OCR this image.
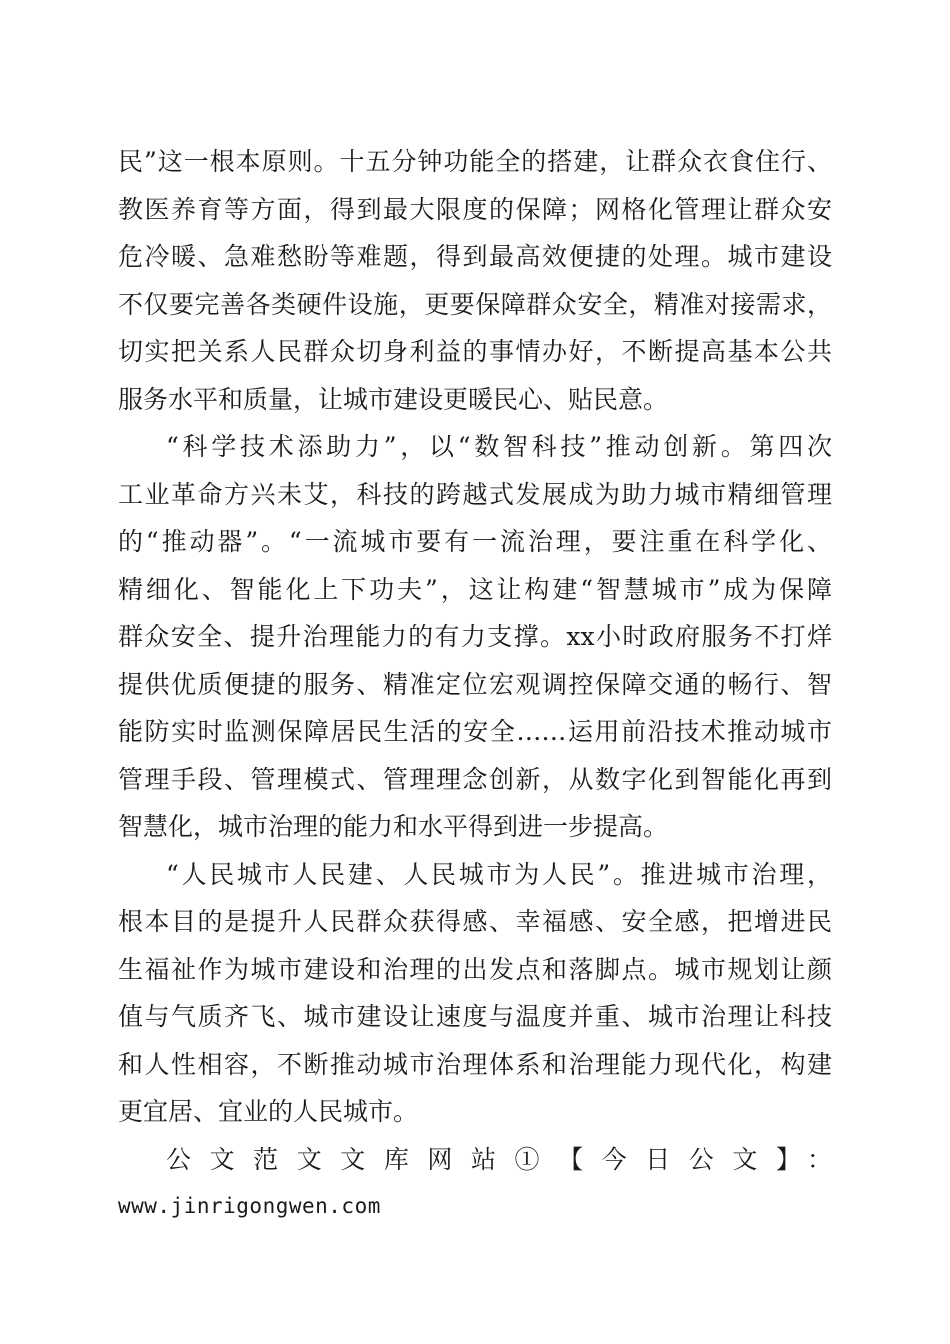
民”这一根本原则。十五分钟功能全的搭建，让群众衣食住行、
教医养育等方面，得到最大限度的保障；网格化管理让群众安
危冷暖、急难愁盼等难题，得到最高效便捷的处理。城市建设
不仅要完善各类硬件设施，更要保障群众安全，精准对接需求，
切实把关系人民群众切身利益的事情办好，不断提高基本公共
服务水平和质量，让城市建设更暖民心、贴民意。
“科学技术添助力”，以“数智科技”推动创新。第四次
工业革命方兴未艾，科技的跨越式发展成为助力城市精细管理
的“推动器”。“一流城市要有一流治理，要注重在科学化、
精细化、智能化上下功夫”，这让构建“智慧城市”成为保障
群众安全、提升治理能力的有力支撑。xx小时政府服务不打烊
提供优质便捷的服务、精准定位宏观调控保障交通的畅行、智
能防实时监测保障居民生活的安全……运用前沿技术推动城市
管理手段、管理模式、管理理念创新，从数字化到智能化再到
智慧化，城市治理的能力和水平得到进一步提高。
“人民城市人民建、人民城市为人民”。推进城市治理，
根本目的是提升人民群众获得感、幸福感、安全感，把增进民
生福祉作为城市建设和治理的出发点和落脚点。城市规划让颜
值与气质齐飞、城市建设让速度与温度并重、城市治理让科技
和人性相容，不断推动城市治理体系和治理能力现代化，构建
更宜居、宜业的人民城市。
公文范文文库网站①【今日公文】：
www.jinrigongwen.com
